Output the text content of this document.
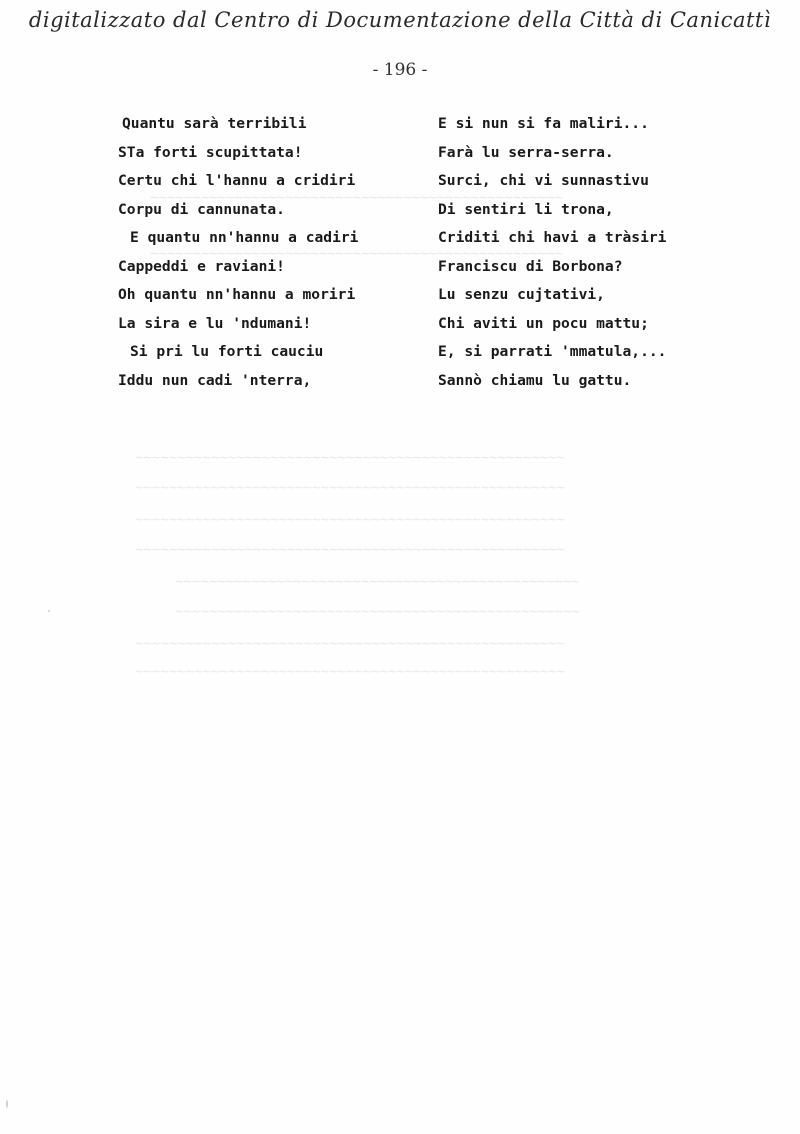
digitalizzato dal Centro di Documentazione della Città di Canicattì
- 196 -
~~~~~~~~~~~~~~~~~~~~~~~~~~~~~~~~~~~~~~~~~~~~~~~~~
~~~~~~~~~~~~~~~~~~~~~~~~~~~~~~~~~~~~~~~~~~~~~~~~~
~~~~~~~~~~~~~~~~~~~~~~~~~~~~~~~~~~~~~~~~~~~~~~~~~~~
~~~~~~~~~~~~~~~~~~~~~~~~~~~~~~~~~~~~~~~~~~~~~~~~~~~
~~~~~~~~~~~~~~~~~~~~~~~~~~~~~~~~~~~~~~~~~~~~~~~~~~~
~~~~~~~~~~~~~~~~~~~~~~~~~~~~~~~~~~~~~~~~~~~~~~~~~~~
~~~~~~~~~~~~~~~~~~~~~~~~~~~~~~~~~~~~~~~~~~~~~~~~
~~~~~~~~~~~~~~~~~~~~~~~~~~~~~~~~~~~~~~~~~~~~~~~~
~~~~~~~~~~~~~~~~~~~~~~~~~~~~~~~~~~~~~~~~~~~~~~~~~~~
~~~~~~~~~~~~~~~~~~~~~~~~~~~~~~~~~~~~~~~~~~~~~~~~~~~
Quantu sarà terribili
STa forti scupittata!
Certu chi l'hannu a cridiri
Corpu di cannunata.
E quantu nn'hannu a cadiri
Cappeddi e raviani!
Oh quantu nn'hannu a moriri
La sira e lu 'ndumani!
Si pri lu forti cauciu
Iddu nun cadi 'nterra,
E si nun si fa maliri...
Farà lu serra-serra.
Surci, chi vi sunnastivu
Di sentiri li trona,
Criditi chi havi a tràsiri
Franciscu di Borbona?
Lu senzu cujtativi,
Chi aviti un pocu mattu;
E, si parrati 'mmatula,...
Sannò chiamu lu gattu.
